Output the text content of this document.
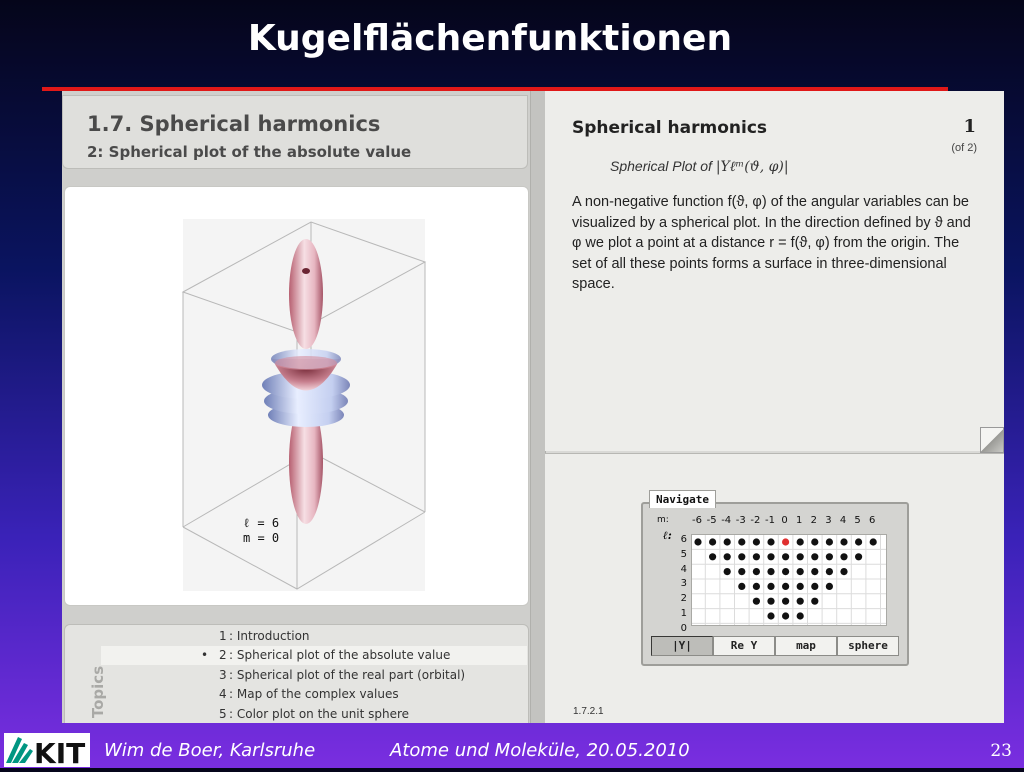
Kugelflächenfunktionen
1.7. Spherical harmonics
2: Spherical plot of the absolute value
ℓ = 6
m = 0
Topics
1 : Introduction
• 2 : Spherical plot of the absolute value
3 : Spherical plot of the real part (orbital)
4 : Map of the complex values
5 : Color plot on the unit sphere
Spherical harmonics	1
(of 2)
Spherical Plot of |Yℓᵐ(ϑ, φ)|
A non-negative function f(ϑ, φ) of the angular variables can be visualized by a spherical plot. In the direction defined by ϑ and φ we plot a point at a distance r = f(ϑ, φ) from the origin. The set of all these points forms a surface in three-dimensional space.
Navigate
m: -6 -5 -4 -3 -2 -1 0 1 2 3 4 5 6
ℓ: 6
5
4
3
2
1
0
|Y|	Re Y	map	sphere
1.7.2.1
KIT Wim de Boer, Karlsruhe	Atome und Moleküle, 20.05.2010	23
